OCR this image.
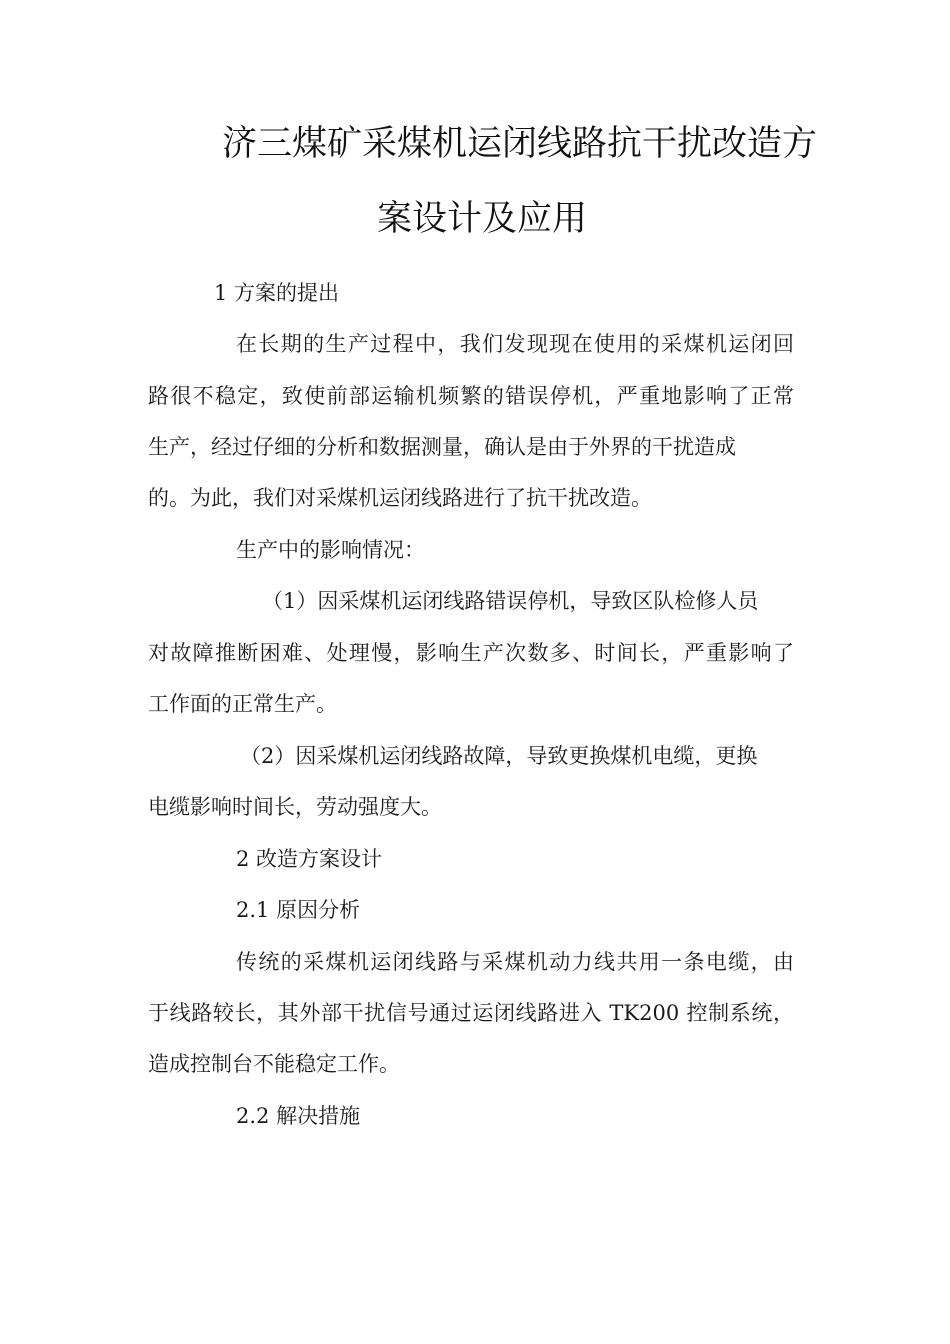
济三煤矿采煤机运闭线路抗干扰改造方
案设计及应用
1 方案的提出
在长期的生产过程中，我们发现现在使用的采煤机运闭回
路很不稳定，致使前部运输机频繁的错误停机，严重地影响了正常
生产，经过仔细的分析和数据测量，确认是由于外界的干扰造成
的。为此，我们对采煤机运闭线路进行了抗干扰改造。
生产中的影响情况：
（1）因采煤机运闭线路错误停机，导致区队检修人员
对故障推断困难、处理慢，影响生产次数多、时间长，严重影响了
工作面的正常生产。
（2）因采煤机运闭线路故障，导致更换煤机电缆，更换
电缆影响时间长，劳动强度大。
2 改造方案设计
2.1 原因分析
传统的采煤机运闭线路与采煤机动力线共用一条电缆，由
于线路较长，其外部干扰信号通过运闭线路进入 TK200 控制系统，
造成控制台不能稳定工作。
2.2 解决措施
